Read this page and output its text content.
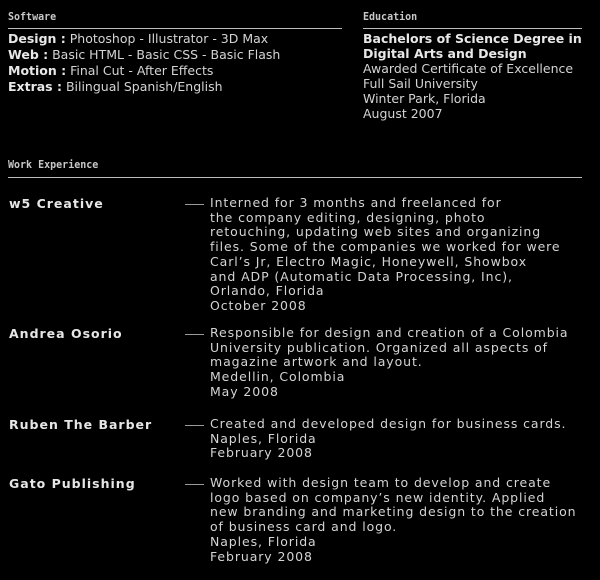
Software
Design : Photoshop - Illustrator - 3D Max
Web : Basic HTML - Basic CSS - Basic Flash
Motion : Final Cut - After Effects
Extras : Bilingual Spanish/English
Education
Bachelors of Science Degree in
Digital Arts and Design
Awarded Certificate of Excellence
Full Sail University
Winter Park, Florida
August 2007
Work Experience
w5 Creative	Interned for 3 months and freelanced for
the company editing, designing, photo
retouching, updating web sites and organizing
files. Some of the companies we worked for were
Carl’s Jr, Electro Magic, Honeywell, Showbox
and ADP (Automatic Data Processing, Inc),
Orlando, Florida
October 2008
Andrea Osorio	Responsible for design and creation of a Colombia
University publication. Organized all aspects of
magazine artwork and layout.
Medellin, Colombia
May 2008
Ruben The Barber	Created and developed design for business cards.
Naples, Florida
February 2008
Gato Publishing	Worked with design team to develop and create
logo based on company’s new identity. Applied
new branding and marketing design to the creation
of business card and logo.
Naples, Florida
February 2008
